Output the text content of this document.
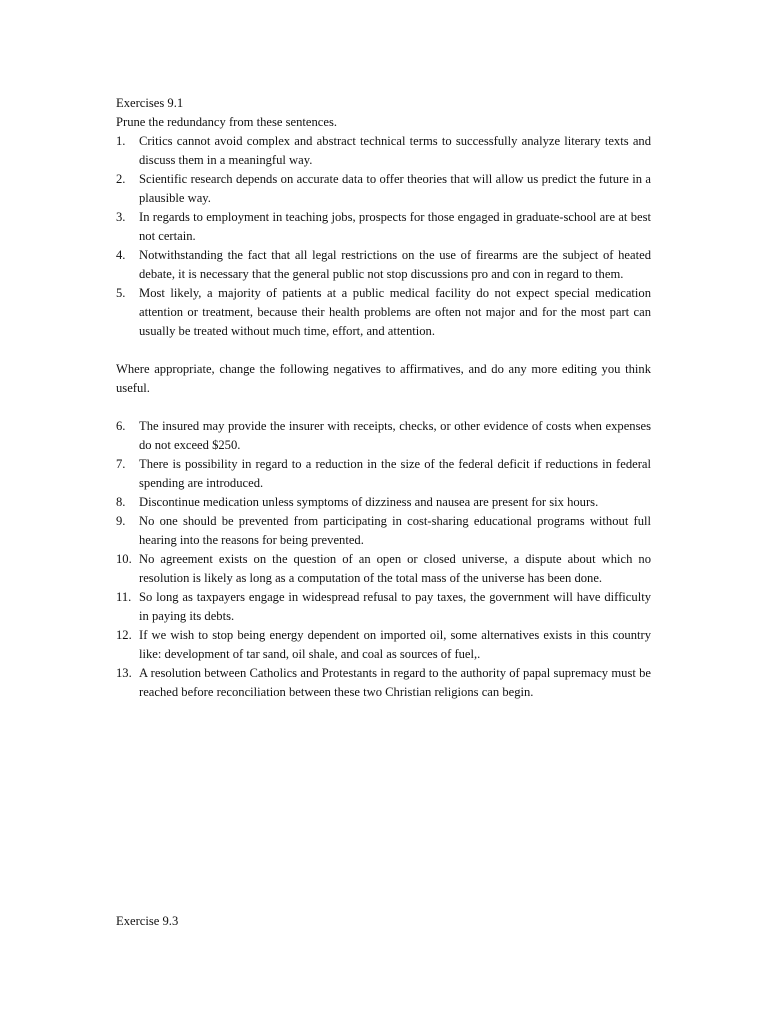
Exercises 9.1

Prune the redundancy from these sentences.

1. Critics cannot avoid complex and abstract technical terms to successfully analyze literary texts and discuss them in a meaningful way.
2. Scientific research depends on accurate data to offer theories that will allow us predict the future in a plausible way.
3. In regards to employment in teaching jobs, prospects for those engaged in graduate-school are at best not certain.
4. Notwithstanding the fact that all legal restrictions on the use of firearms are the subject of heated debate, it is necessary that the general public not stop discussions pro and con in regard to them.
5. Most likely, a majority of patients at a public medical facility do not expect special medication attention or treatment, because their health problems are often not major and for the most part can usually be treated without much time, effort, and attention.

Where appropriate, change the following negatives to affirmatives, and do any more editing you think useful.

6. The insured may provide the insurer with receipts, checks, or other evidence of costs when expenses do not exceed $250.
7. There is possibility in regard to a reduction in the size of the federal deficit if reductions in federal spending are introduced.
8. Discontinue medication unless symptoms of dizziness and nausea are present for six hours.
9. No one should be prevented from participating in cost-sharing educational programs without full hearing into the reasons for being prevented.
10. No agreement exists on the question of an open or closed universe, a dispute about which no resolution is likely as long as a computation of the total mass of the universe has been done.
11. So long as taxpayers engage in widespread refusal to pay taxes, the government will have difficulty in paying its debts.
12. If we wish to stop being energy dependent on imported oil, some alternatives exists in this country like: development of tar sand, oil shale, and coal as sources of fuel,.
13. A resolution between Catholics and Protestants in regard to the authority of papal supremacy must be reached before reconciliation between these two Christian religions can begin.
Exercise 9.3
